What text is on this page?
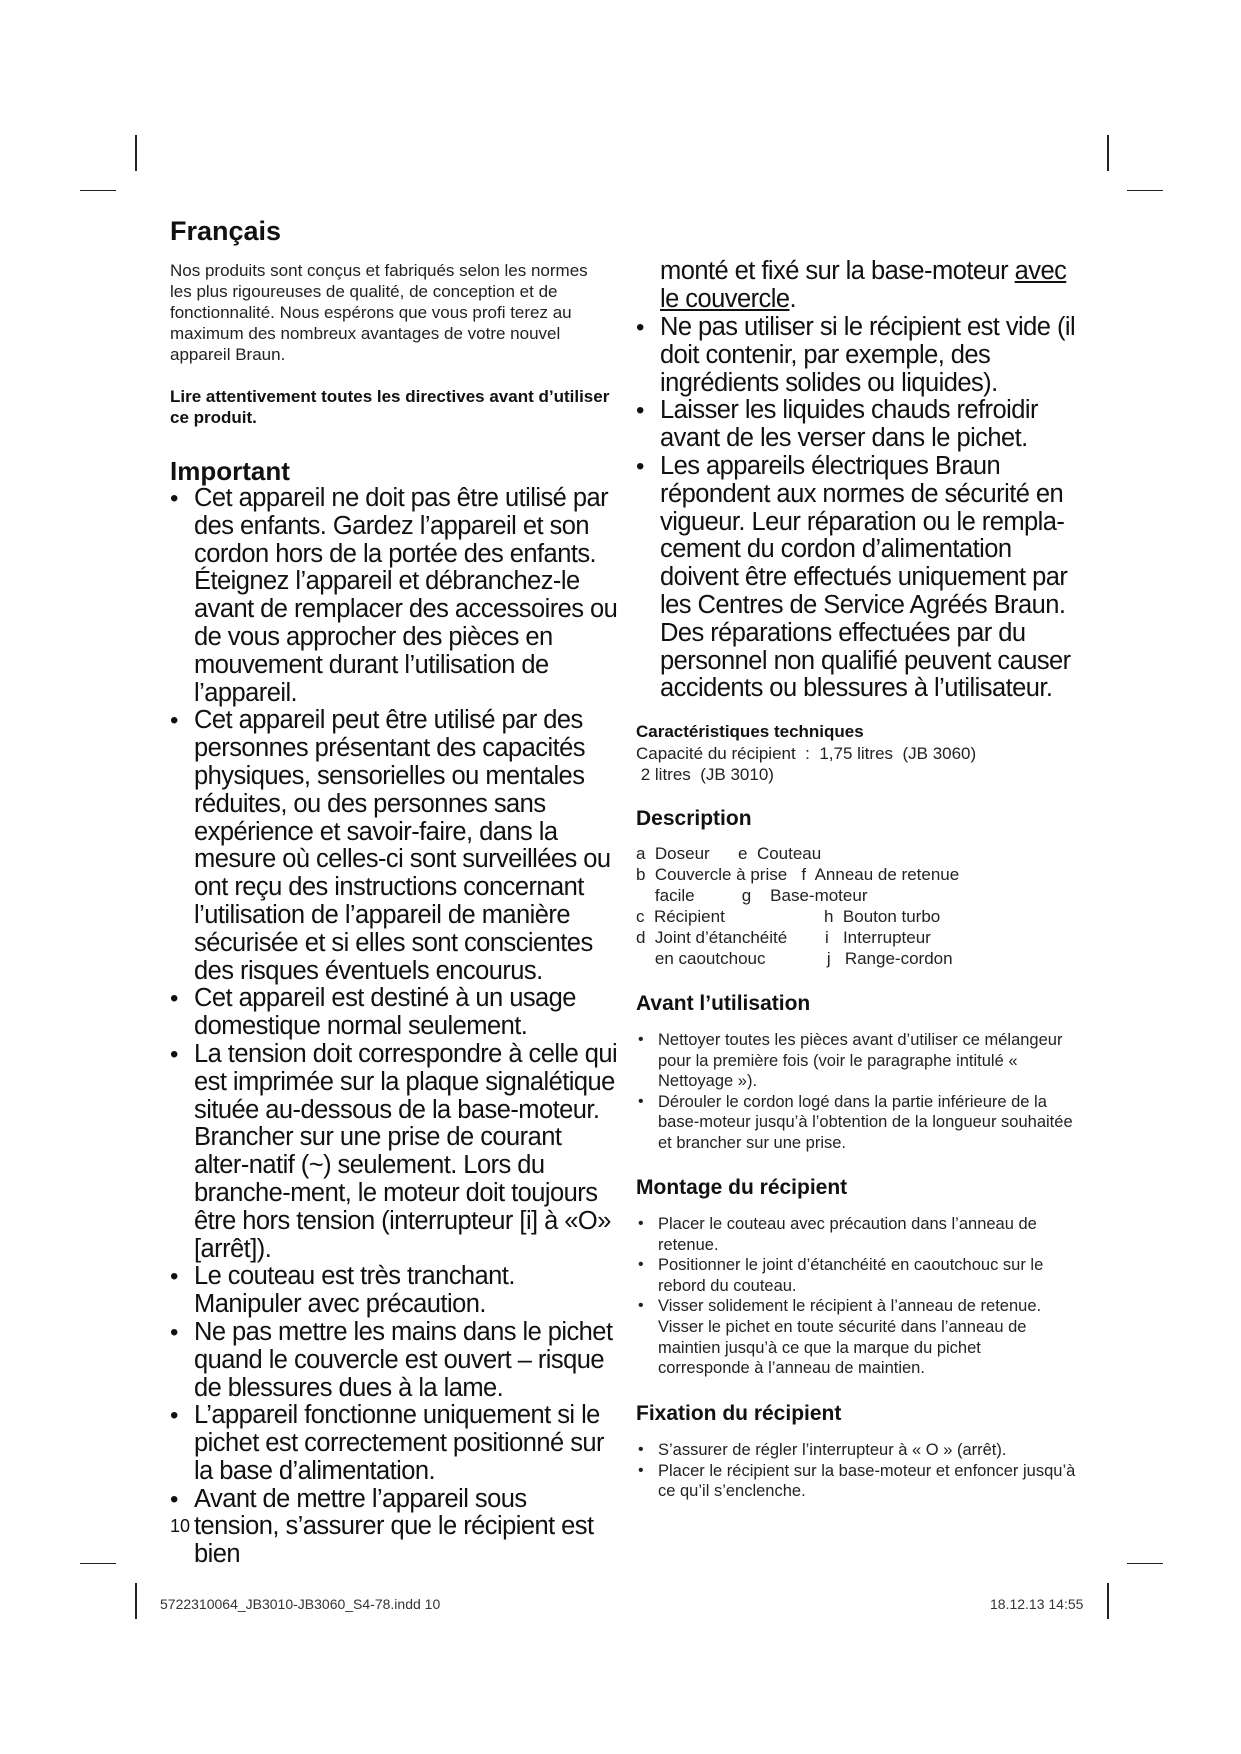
Français

Nos produits sont conçus et fabriqués selon les normes les plus rigoureuses de qualité, de conception et de fonctionnalité. Nous espérons que vous profi terez au maximum des nombreux avantages de votre nouvel appareil Braun.

Lire attentivement toutes les directives avant d’utiliser ce produit.

Important
• Cet appareil ne doit pas être utilisé par des enfants. Gardez l’appareil et son cordon hors de la portée des enfants. Éteignez l’appareil et débranchez-le avant de remplacer des accessoires ou de vous approcher des pièces en mouvement durant l’utilisation de l’appareil.
• Cet appareil peut être utilisé par des personnes présentant des capacités physiques, sensorielles ou mentales réduites, ou des personnes sans expérience et savoir-faire, dans la mesure où celles-ci sont surveillées ou ont reçu des instructions concernant l’utilisation de l’appareil de manière sécurisée et si elles sont conscientes des risques éventuels encourus.
• Cet appareil est destiné à un usage domestique normal seulement.
• La tension doit correspondre à celle qui est imprimée sur la plaque signalétique située au-dessous de la base-moteur. Brancher sur une prise de courant alter-natif (~) seulement. Lors du branche-ment, le moteur doit toujours être hors tension (interrupteur [i] à «O» [arrêt]).
• Le couteau est très tranchant. Manipuler avec précaution.
• Ne pas mettre les mains dans le pichet quand le couvercle est ouvert – risque de blessures dues à la lame.
• L’appareil fonctionne uniquement si le pichet est correctement positionné sur la base d’alimentation.
• Avant de mettre l’appareil sous tension, s’assurer que le récipient est bien

10

monté et fixé sur la base-moteur avec le couvercle.

• Ne pas utiliser si le récipient est vide (il doit contenir, par exemple, des ingrédients solides ou liquides).
• Laisser les liquides chauds refroidir avant de les verser dans le pichet.
• Les appareils électriques Braun répondent aux normes de sécurité en vigueur. Leur réparation ou le rempla-cement du cordon d’alimentation doivent être effectués uniquement par les Centres de Service Agréés Braun. Des réparations effectuées par du personnel non qualifié peuvent causer accidents ou blessures à l’utilisateur.
Caractéristiques techniques
Capacité du récipient  :  1,75 litres  (JB 3060)
2 litres  (JB 3010)
Description
a  Doseur      e  Couteau
b  Couvercle à prise   f  Anneau de retenue
facile          g    Base-moteur
c  Récipient                     h  Bouton turbo
d  Joint d’étanchéité        i   Interrupteur
en caoutchouc             j   Range-cordon
Avant l’utilisation
• Nettoyer toutes les pièces avant d’utiliser ce mélangeur pour la première fois (voir le paragraphe intitulé « Nettoyage »).
• Dérouler le cordon logé dans la partie inférieure de la base-moteur jusqu’à l’obtention de la longueur souhaitée et brancher sur une prise.
Montage du récipient
• Placer le couteau avec précaution dans l’anneau de retenue.
• Positionner le joint d’étanchéité en caoutchouc sur le rebord du couteau.
• Visser solidement le récipient à l’anneau de retenue. Visser le pichet en toute sécurité dans l’anneau de maintien jusqu’à ce que la marque du pichet corresponde à l’anneau de maintien.
Fixation du récipient
• S’assurer de régler l’interrupteur à « O » (arrêt).
• Placer le récipient sur la base-moteur et enfoncer jusqu’à ce qu’il s’enclenche.

5722310064_JB3010-JB3060_S4-78.indd 10	18.12.13 14:55
